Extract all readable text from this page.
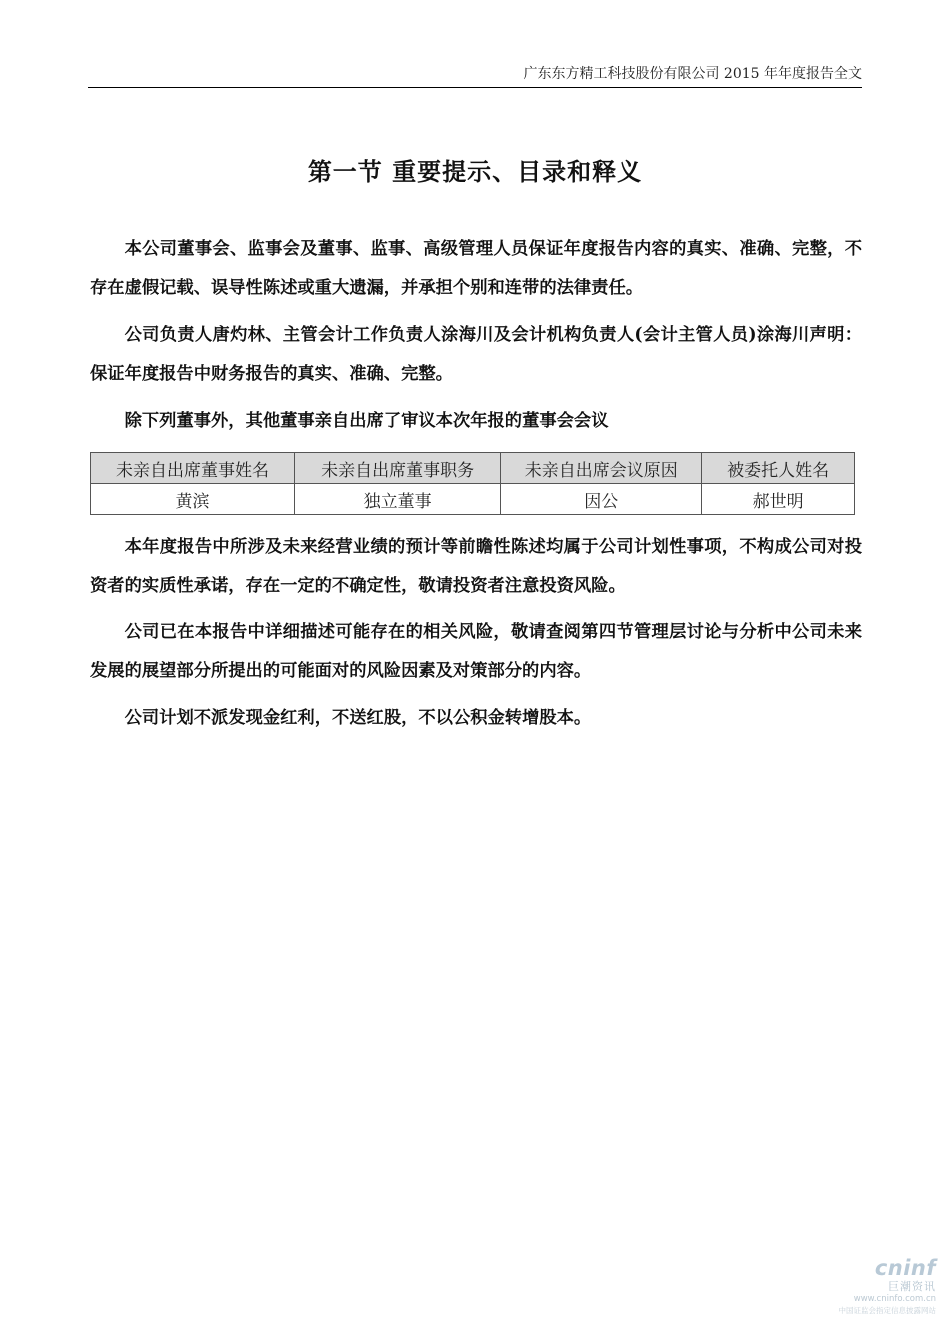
广东东方精工科技股份有限公司 2015 年年度报告全文
第一节 重要提示、目录和释义

本公司董事会、监事会及董事、监事、高级管理人员保证年度报告内容的真实、准确、完整，不存在虚假记载、误导性陈述或重大遗漏，并承担个别和连带的法律责任。

公司负责人唐灼林、主管会计工作负责人涂海川及会计机构负责人(会计主管人员)涂海川声明：保证年度报告中财务报告的真实、准确、完整。

除下列董事外，其他董事亲自出席了审议本次年报的董事会会议

未亲自出席董事姓名	未亲自出席董事职务	未亲自出席会议原因	被委托人姓名
黄滨	独立董事	因公	郝世明

本年度报告中所涉及未来经营业绩的预计等前瞻性陈述均属于公司计划性事项，不构成公司对投资者的实质性承诺，存在一定的不确定性，敬请投资者注意投资风险。

公司已在本报告中详细描述可能存在的相关风险，敬请查阅第四节管理层讨论与分析中公司未来发展的展望部分所提出的可能面对的风险因素及对策部分的内容。

公司计划不派发现金红利，不送红股，不以公积金转增股本。

cninf
巨潮资讯
www.cninfo.com.cn
中国证监会指定信息披露网站
